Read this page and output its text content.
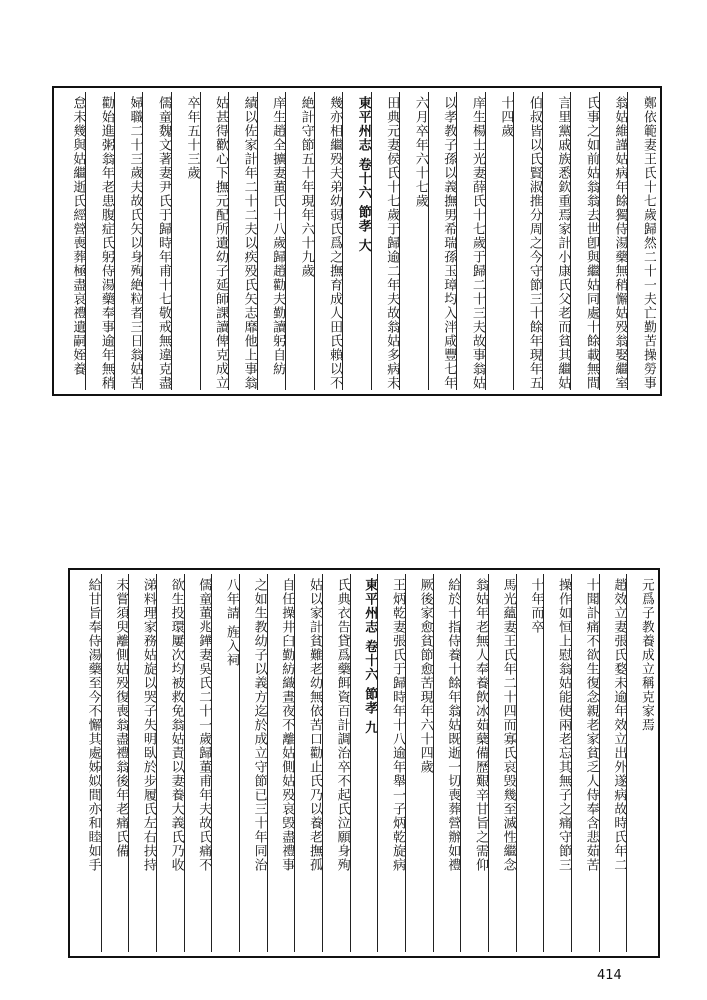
鄭依範妻王氏十七歲歸然二十一夫亡勤苦操勞事
翁姑維謹姑病年餘獨侍湯藥無稍懈姑殁翁娶繼室
氏事之如前姑翁翁去世卽與繼姑同處十餘載無間
言里黨戚族悉欽重焉家計小康氏父老而貧其繼姑
伯叔皆以氏賢淑推分周之今守節三十餘年現年五
十四歲
庠生楊士光妻薛氏十七歲于歸二十三夫故事翁姑
以孝教子孫以義撫男希瑞孫玉璋均入泮咸豐七年
六月卒年六十七歲
田典元妻侯氏十七歲于歸逾二年夫故翁姑多病未
東平州志 卷十六 節孝 大
幾亦相繼殁夫弟幼弱氏爲之撫育成人田氏賴以不
絶計守節五十年現年六十九歲
庠生趙全擴妻董氏十八歲歸趙勸夫勤讀躬自紡
績以佐家計年二十二夫以疾殁氏矢志靡他上事翁
姑甚得歡心下撫元配所遺幼子延師課讀俾克成立
卒年五十三歲
儒童魏文著妻尹氏于歸時年甫十七敬戒無違克盡
婦職二十三歲夫故氏矢以身殉絶粒者三日翁姑苦
勸始進粥翁年老患腹症氏躬侍湯藥奉事逾年無稍
怠未幾與姑繼逝氏經營喪葬極盡哀禮遺嗣姪養
元爲子教養成立稱克家焉
趙效立妻張氏婺未逾年效立出外遂病故時氏年二
十聞訃痛不欲生復念親老家貧乏人侍奉含悲茹苦
操作如恒上慰翁姑能使兩老忘其無子之痛守節三
十年而卒
馬光蘊妻王氏年二十四而寡氏哀毁幾至滅性繼念
翁姑年老無人奉養飲冰茹蘖備歷艱辛甘旨之需仰
給於十指侍養十餘年翁姑既逝一切喪葬營辦如禮
厥後家愈貧節愈苦現年六十四歲
王炳乾妻張氏于歸時年十八逾年舉一子炳乾旋病
東平州志 卷十六 節孝 九
氏典衣告貸爲藥餌資百計調治卒不起氏泣願身殉
姑以家計貧難老幼無依苦口勸止氏乃以養老撫孤
自任操井臼勤紡織晝夜不離姑側姑殁哀毁盡禮事
之如生教幼子以義方迄於成立守節已三十年同治
八年請 旌入祠
儒童董兆鏵妻吳氏二十一歲歸董甫年夫故氏痛不
欲生投環屢次均被救免翁姑責以妻養大義氏乃收
涕料理家務姑旋以哭子失明臥於步履氏左右扶持
未嘗須臾離側姑殁復喪翁盡禮翁後年老痛氏備
給甘旨奉侍湯藥至今不懈其處姊姒間亦和睦如手
414
